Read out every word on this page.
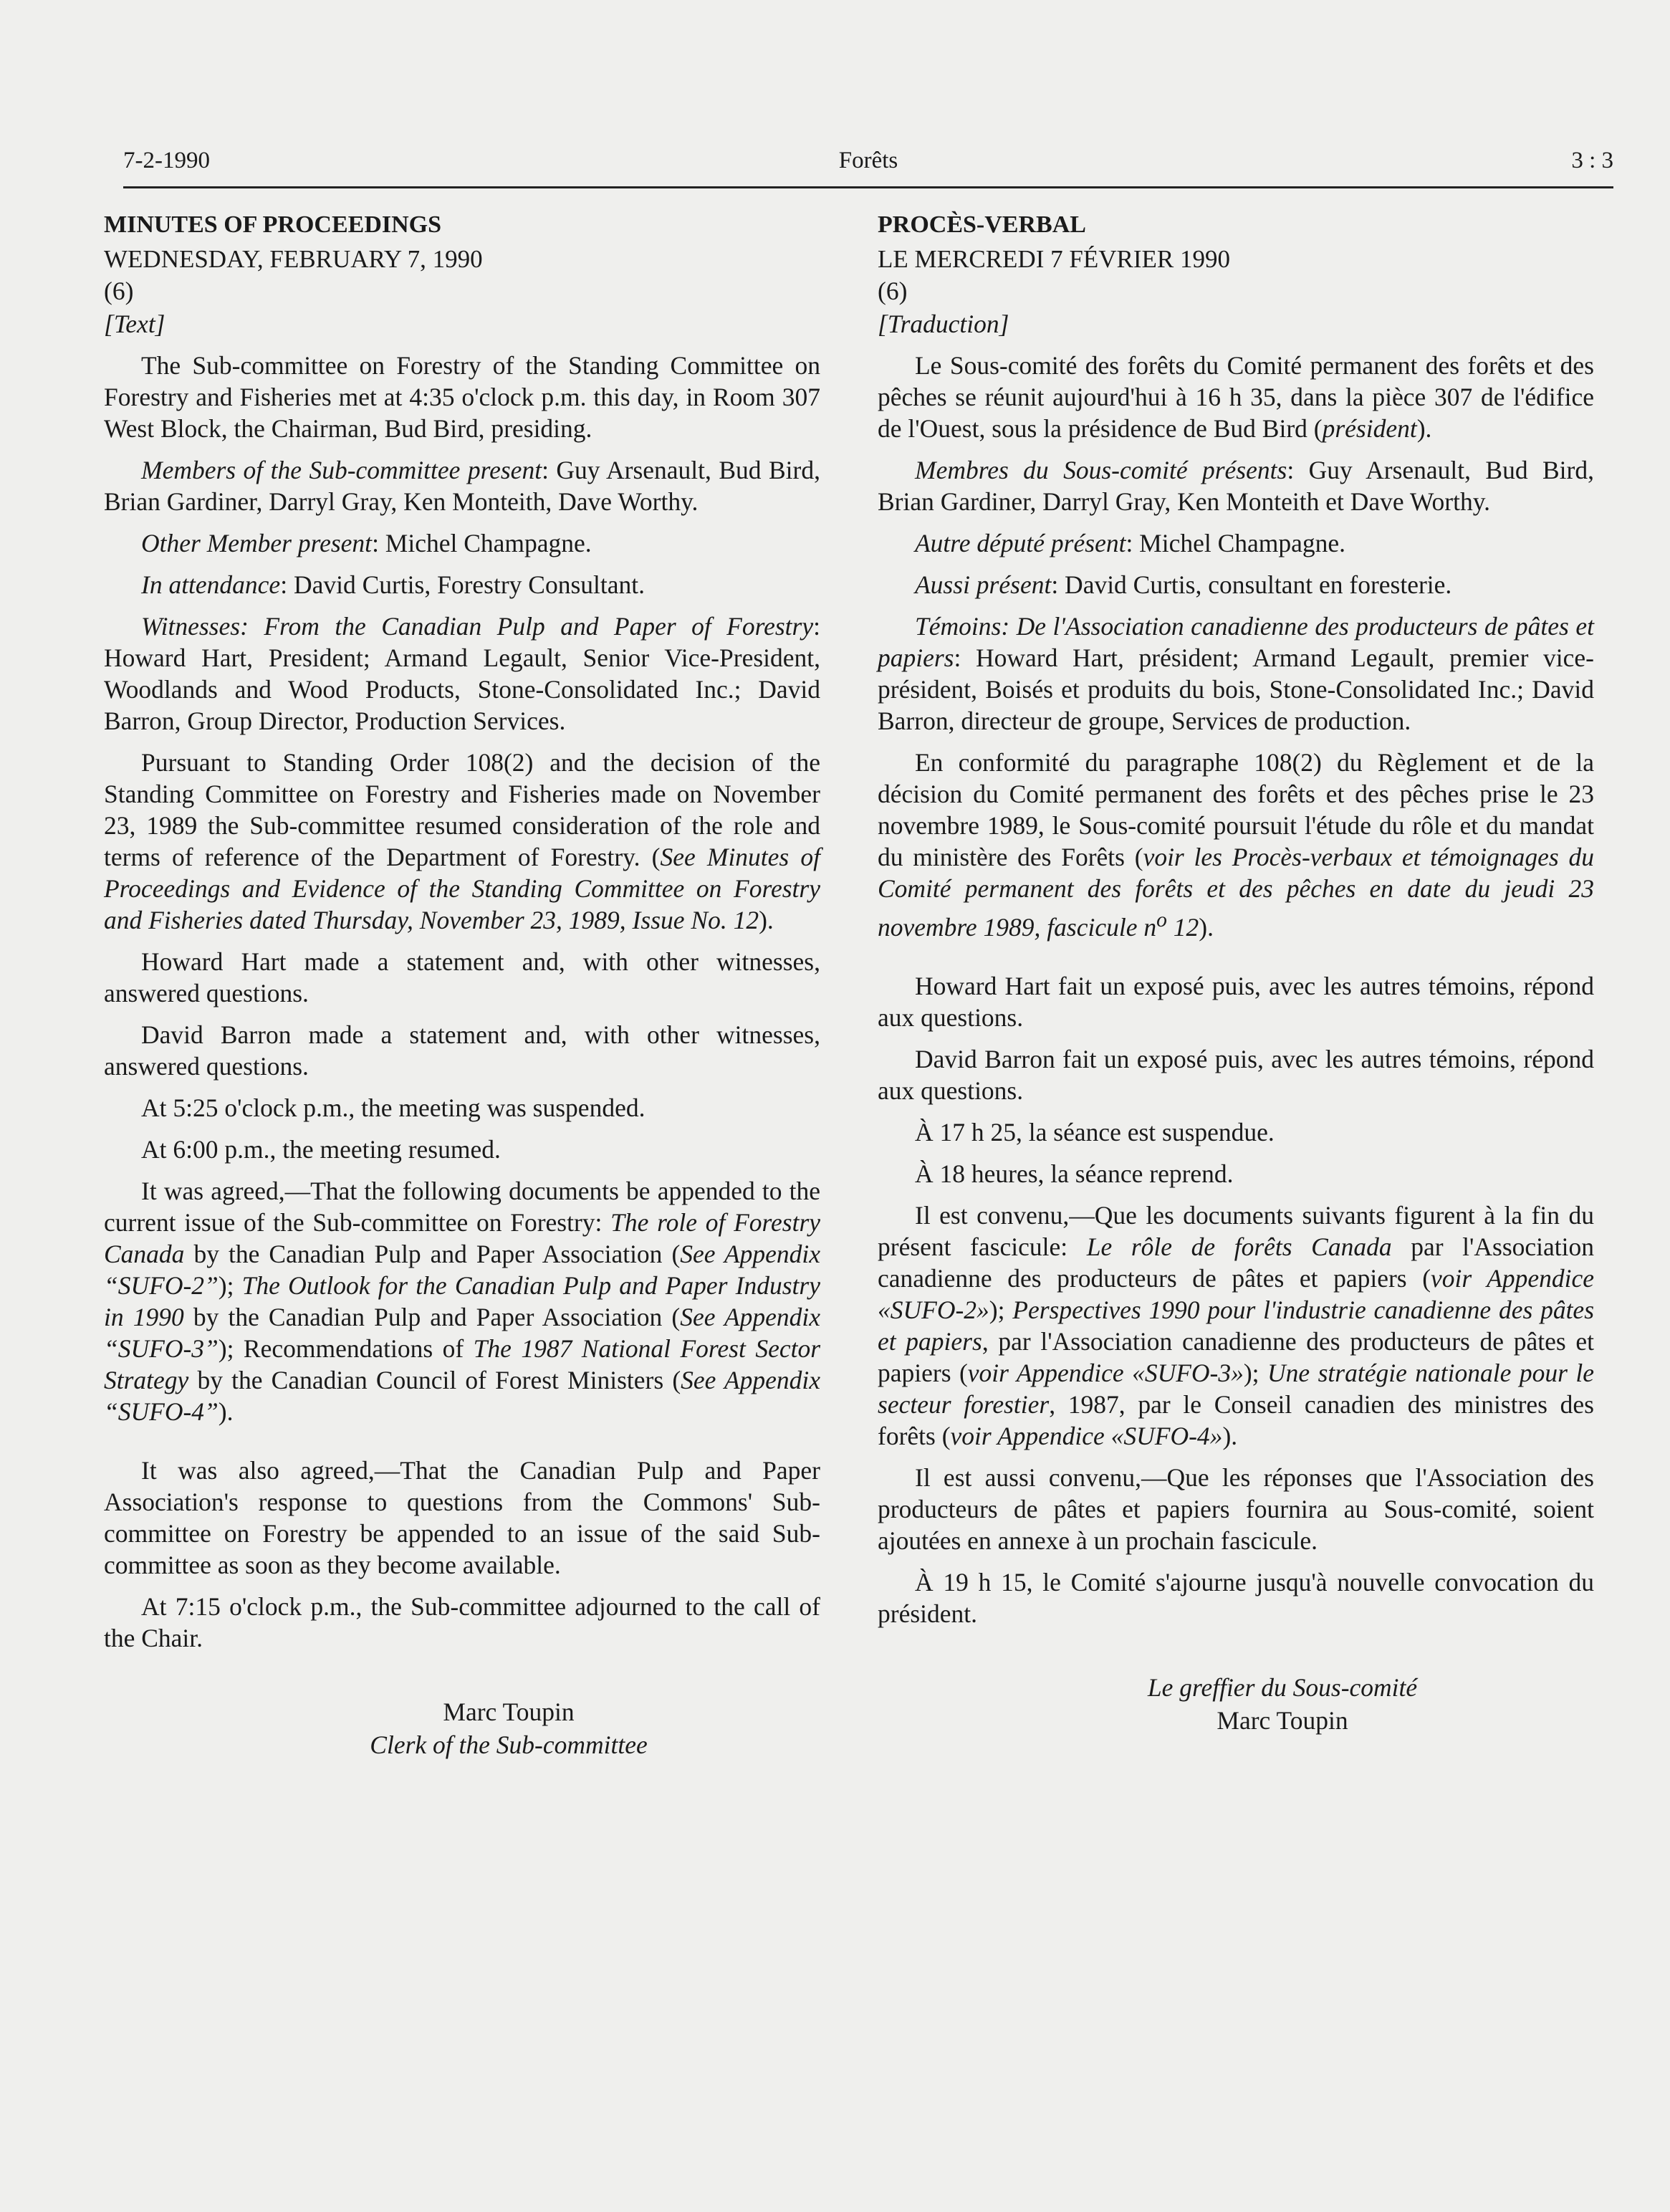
7-2-1990	Forêts	3 : 3
MINUTES OF PROCEEDINGS
WEDNESDAY, FEBRUARY 7, 1990
(6)

[Text]

The Sub-committee on Forestry of the Standing Committee on Forestry and Fisheries met at 4:35 o'clock p.m. this day, in Room 307 West Block, the Chairman, Bud Bird, presiding.

Members of the Sub-committee present: Guy Arsenault, Bud Bird, Brian Gardiner, Darryl Gray, Ken Monteith, Dave Worthy.

Other Member present: Michel Champagne.

In attendance: David Curtis, Forestry Consultant.

Witnesses: From the Canadian Pulp and Paper of Forestry: Howard Hart, President; Armand Legault, Senior Vice-President, Woodlands and Wood Products, Stone-Consolidated Inc.; David Barron, Group Director, Production Services.

Pursuant to Standing Order 108(2) and the decision of the Standing Committee on Forestry and Fisheries made on November 23, 1989 the Sub-committee resumed consideration of the role and terms of reference of the Department of Forestry. (See Minutes of Proceedings and Evidence of the Standing Committee on Forestry and Fisheries dated Thursday, November 23, 1989, Issue No. 12).

Howard Hart made a statement and, with other witnesses, answered questions.

David Barron made a statement and, with other witnesses, answered questions.

At 5:25 o'clock p.m., the meeting was suspended.

At 6:00 p.m., the meeting resumed.

It was agreed,—That the following documents be appended to the current issue of the Sub-committee on Forestry: The role of Forestry Canada by the Canadian Pulp and Paper Association (See Appendix “SUFO-2”); The Outlook for the Canadian Pulp and Paper Industry in 1990 by the Canadian Pulp and Paper Association (See Appendix “SUFO-3”); Recommendations of The 1987 National Forest Sector Strategy by the Canadian Council of Forest Ministers (See Appendix “SUFO-4”).

It was also agreed,—That the Canadian Pulp and Paper Association's response to questions from the Commons' Sub-committee on Forestry be appended to an issue of the said Sub-committee as soon as they become available.

At 7:15 o'clock p.m., the Sub-committee adjourned to the call of the Chair.

Marc Toupin
Clerk of the Sub-committee
PROCÈS-VERBAL
LE MERCREDI 7 FÉVRIER 1990
(6)

[Traduction]

Le Sous-comité des forêts du Comité permanent des forêts et des pêches se réunit aujourd'hui à 16 h 35, dans la pièce 307 de l'édifice de l'Ouest, sous la présidence de Bud Bird (président).

Membres du Sous-comité présents: Guy Arsenault, Bud Bird, Brian Gardiner, Darryl Gray, Ken Monteith et Dave Worthy.

Autre député présent: Michel Champagne.

Aussi présent: David Curtis, consultant en foresterie.

Témoins: De l'Association canadienne des producteurs de pâtes et papiers: Howard Hart, président; Armand Legault, premier vice-président, Boisés et produits du bois, Stone-Consolidated Inc.; David Barron, directeur de groupe, Services de production.

En conformité du paragraphe 108(2) du Règlement et de la décision du Comité permanent des forêts et des pêches prise le 23 novembre 1989, le Sous-comité poursuit l'étude du rôle et du mandat du ministère des Forêts (voir les Procès-verbaux et témoignages du Comité permanent des forêts et des pêches en date du jeudi 23 novembre 1989, fascicule $n^o$ 12).

Howard Hart fait un exposé puis, avec les autres témoins, répond aux questions.

David Barron fait un exposé puis, avec les autres témoins, répond aux questions.

À 17 h 25, la séance est suspendue.

À 18 heures, la séance reprend.

Il est convenu,—Que les documents suivants figurent à la fin du présent fascicule: Le rôle de forêts Canada par l'Association canadienne des producteurs de pâtes et papiers (voir Appendice «SUFO-2»); Perspectives 1990 pour l'industrie canadienne des pâtes et papiers, par l'Association canadienne des producteurs de pâtes et papiers (voir Appendice «SUFO-3»); Une stratégie nationale pour le secteur forestier, 1987, par le Conseil canadien des ministres des forêts (voir Appendice «SUFO-4»).

Il est aussi convenu,—Que les réponses que l'Association des producteurs de pâtes et papiers fournira au Sous-comité, soient ajoutées en annexe à un prochain fascicule.

À 19 h 15, le Comité s'ajourne jusqu'à nouvelle convocation du président.

Le greffier du Sous-comité
Marc Toupin
